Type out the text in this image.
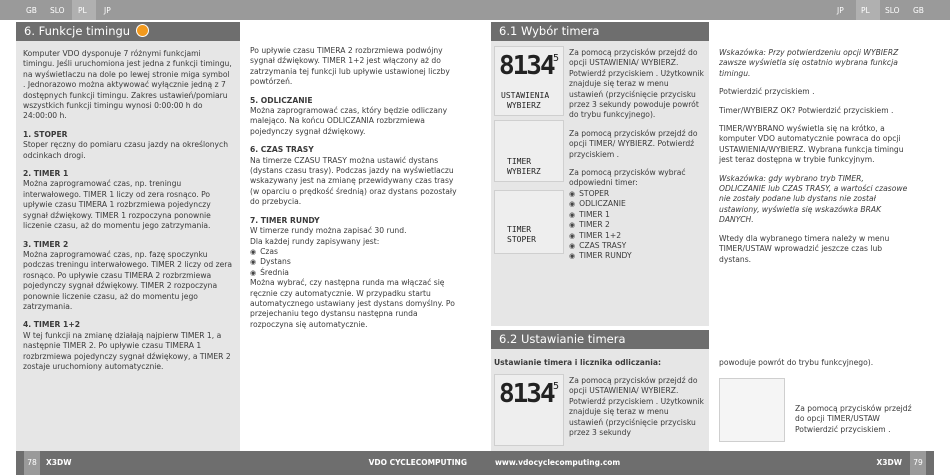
GB SLO PL JP
6. Funkcje timingu

Komputer VDO dysponuje 7 różnymi funkcjami timingu. Jeśli uruchomiona jest jedna z funkcji timingu, na wyświetlaczu na dole po lewej stronie miga symbol . Jednorazowo można aktywować wyłącznie jedną z 7 dostępnych funkcji timingu. Zakres ustawień/pomiaru wszystkich funkcji timingu wynosi 0:00:00 h do 24:00:00 h.

1. STOPER

Stoper ręczny do pomiaru czasu jazdy na określonych odcinkach drogi.

2. TIMER 1

Można zaprogramować czas, np. treningu interwałowego. TIMER 1 liczy od zera rosnąco. Po upływie czasu TIMERA 1 rozbrzmiewa pojedynczy sygnał dźwiękowy. TIMER 1 rozpoczyna ponownie liczenie czasu, aż do momentu jego zatrzymania.

3. TIMER 2

Można zaprogramować czas, np. fazę spoczynku podczas treningu interwałowego. TIMER 2 liczy od zera rosnąco. Po upływie czasu TIMERA 2 rozbrzmiewa pojedynczy sygnał dźwiękowy. TIMER 2 rozpoczyna ponownie liczenie czasu, aż do momentu jego zatrzymania.

4. TIMER 1+2

W tej funkcji na zmianę działają najpierw TIMER 1, a następnie TIMER 2. Po upływie czasu TIMERA 1 rozbrzmiewa pojedynczy sygnał dźwiękowy, a TIMER 2 zostaje uruchomiony automatycznie.

Po upływie czasu TIMERA 2 rozbrzmiewa podwójny sygnał dźwiękowy. TIMER 1+2 jest włączony aż do zatrzymania tej funkcji lub upływie ustawionej liczby powtórzeń.

5. ODLICZANIE

Można zaprogramować czas, który będzie odliczany malejąco. Na końcu ODLICZANIA rozbrzmiewa pojedynczy sygnał dźwiękowy.

6. CZAS TRASY

Na timerze CZASU TRASY można ustawić dystans (dystans czasu trasy). Podczas jazdy na wyświetlaczu wskazywany jest na zmianę przewidywany czas trasy (w oparciu o prędkość średnią) oraz dystans pozostały do przebycia.

7. TIMER RUNDY
W timerze rundy można zapisać 30 rund.
Dla każdej rundy zapisywany jest:
◉ Czas
◉ Dystans
◉ Średnia

Można wybrać, czy następna runda ma włączać się ręcznie czy automatycznie. W przypadku startu automatycznego ustawiany jest dystans domyślny. Po przejechaniu tego dystansu następna runda rozpoczyna się automatycznie.

78	X3DW	VDO CYCLECOMPUTING
JP PL SLO GB
6.1 Wybór timera
8134 5
USTAWIENIA
WYBIERZ
TIMER
WYBIERZ
TIMER
STOPER

Za pomocą przycisków przejdź do opcji USTAWIENIA/ WYBIERZ. Potwierdź przyciskiem . Użytkownik znajduje się teraz w menu ustawień (przyciśnięcie przycisku przez 3 sekundy powoduje powrót do trybu funkcyjnego).

Za pomocą przycisków przejdź do opcji TIMER/ WYBIERZ. Potwierdź przyciskiem .

Za pomocą przycisków wybrać odpowiedni timer:

◉ STOPER
◉ ODLICZANIE
◉ TIMER 1
◉ TIMER 2
◉ TIMER 1+2
◉ CZAS TRASY
◉ TIMER RUNDY

Wskazówka: Przy potwierdzeniu opcji WYBIERZ zawsze wyświetla się ostatnio wybrana funkcja timingu.

Potwierdzić przyciskiem .

Timer/WYBIERZ OK? Potwierdzić przyciskiem .

TIMER/WYBRANO wyświetla się na krótko, a komputer VDO automatycznie powraca do opcji USTAWIENIA/WYBIERZ. Wybrana funkcja timingu jest teraz dostępna w trybie funkcyjnym.

Wskazówka: gdy wybrano tryb TIMER, ODLICZANIE lub CZAS TRASY, a wartości czasowe nie zostały podane lub dystans nie został ustawiony, wyświetla się wskazówka BRAK DANYCH.

Wtedy dla wybranego timera należy w menu TIMER/USTAW wprowadzić jeszcze czas lub dystans.

6.2 Ustawianie timera
Ustawianie timera i licznika odliczania:
8134 5
Za pomocą przycisków przejdź do opcji USTAWIENIA/ WYBIERZ. Potwierdź przyciskiem . Użytkownik znajduje się teraz w menu ustawień (przyciśnięcie przycisku przez 3 sekundy
powoduje powrót do trybu funkcyjnego).
Za pomocą przycisków przejdź do opcji TIMER/USTAW Potwierdzić przyciskiem .
www.vdocyclecomputing.com	X3DW	79
